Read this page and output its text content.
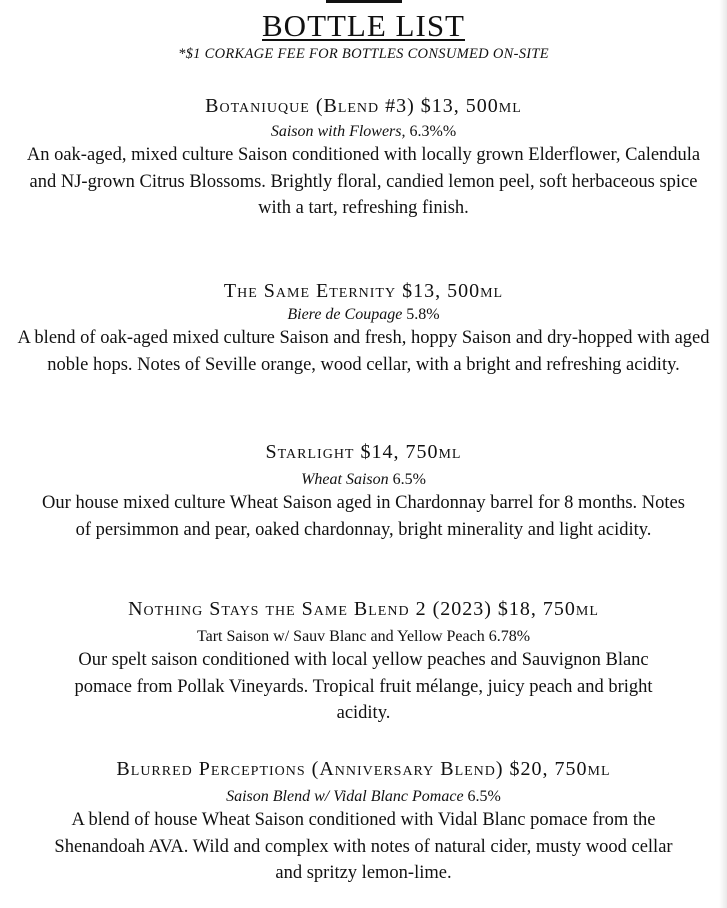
BOTTLE LIST
*$1 CORKAGE FEE FOR BOTTLES CONSUMED ON-SITE
Botaniuque (Blend #3) $13, 500ml

Saison with Flowers, 6.3%%

An oak-aged, mixed culture Saison conditioned with locally grown Elderflower, Calendula and NJ-grown Citrus Blossoms. Brightly floral, candied lemon peel, soft herbaceous spice with a tart, refreshing finish.

The Same Eternity $13, 500ml

Biere de Coupage 5.8%

A blend of oak-aged mixed culture Saison and fresh, hoppy Saison and dry-hopped with aged noble hops. Notes of Seville orange, wood cellar, with a bright and refreshing acidity.

Starlight $14, 750ml

Wheat Saison 6.5%

Our house mixed culture Wheat Saison aged in Chardonnay barrel for 8 months. Notes of persimmon and pear, oaked chardonnay, bright minerality and light acidity.

Nothing Stays the Same Blend 2 (2023) $18, 750ml

Tart Saison w/ Sauv Blanc and Yellow Peach 6.78%

Our spelt saison conditioned with local yellow peaches and Sauvignon Blanc pomace from Pollak Vineyards. Tropical fruit mélange, juicy peach and bright acidity.

Blurred Perceptions (Anniversary Blend) $20, 750ml

Saison Blend w/ Vidal Blanc Pomace 6.5%

A blend of house Wheat Saison conditioned with Vidal Blanc pomace from the Shenandoah AVA. Wild and complex with notes of natural cider, musty wood cellar and spritzy lemon-lime.
